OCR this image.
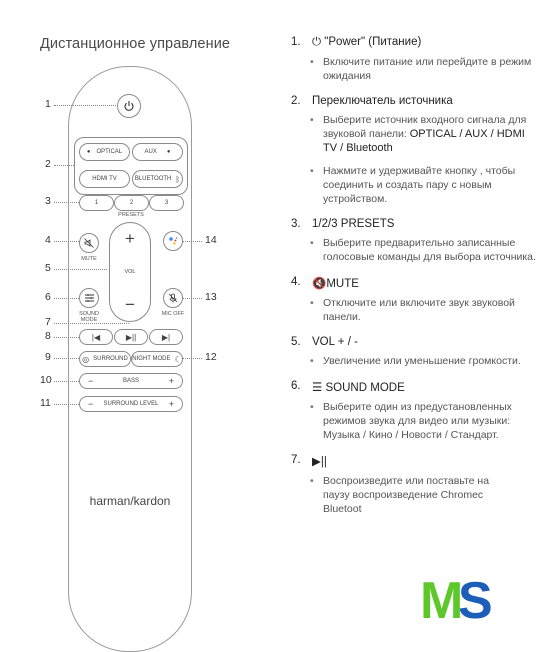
Дистанционное управление
● OPTICAL	AUX ●
HDMI TV	BLUETOOTH ᛒ
1	2	3
PRESETS
MUTE
+
VOL
−
SOUND MODE
MIC OFF
|◀	▶||	▶|
◎ SURROUND NIGHT MODE ☾
−	BASS	+
− SURROUND LEVEL +
harman/kardon
1
2
3
4
5
6
7
8
9
10
11
14
13
12
1. ⏻ "Power" (Питание)
• Включите питание или перейдите в режим ожидания
2. Переключатель источника
• Выберите источник входного сигнала для звуковой панели: OPTICAL / AUX / HDMI TV / Bluetooth
• Нажмите и удерживайте кнопку , чтобы соединить и создать пару с новым устройством.
3. 1/2/3 PRESETS
• Выберите предварительно записанные голосовые команды для выбора источника.
4. 🔇MUTE
• Отключите или включите звук звуковой панели.
5. VOL + / -
• Увеличение или уменьшение громкости.
6. ☰ SOUND MODE
• Выберите один из предустановленных режимов звука для видео или музыки: Музыка / Кино / Новости / Стандарт.
7. ▶||
• Воспроизведите или поставьте на паузу воспроизведение Chromec Bluetoot
M
S
